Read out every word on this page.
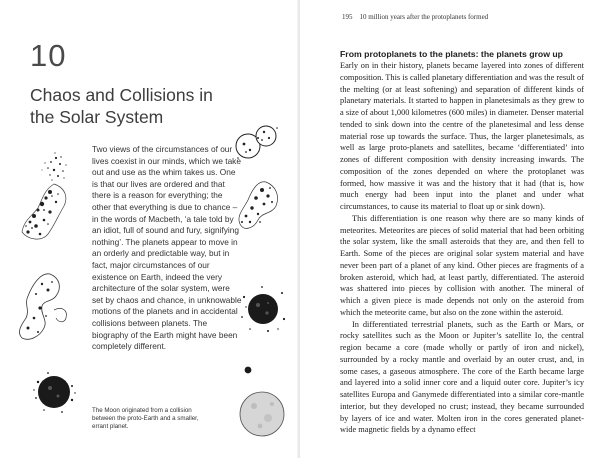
10
Chaos and Collisions in the Solar System
Two views of the circumstances of our lives coexist in our minds, which we take out and use as the whim takes us. One is that our lives are ordered and that there is a reason for everything; the other that everything is due to chance – in the words of Macbeth, ‘a tale told by an idiot, full of sound and fury, signifying nothing’. The planets appear to move in an orderly and predictable way, but in fact, major circumstances of our existence on Earth, indeed the very architecture of the solar system, were set by chaos and chance, in unknowable motions of the planets and in accidental collisions between planets. The biography of the Earth might have been completely different.
The Moon originated from a collision between the proto-Earth and a smaller, errant planet.
195 10 million years after the protoplanets formed
From protoplanets to the planets: the planets grow up

Early on in their history, planets became layered into zones of different composition. This is called planetary differentiation and was the result of the melting (or at least softening) and separation of different kinds of planetary materials. It started to happen in planetesimals as they grew to a size of about 1,000 kilometres (600 miles) in diameter. Denser material tended to sink down into the centre of the planetesimal and less dense material rose up towards the surface. Thus, the larger planetesimals, as well as large proto-planets and satellites, became ‘differentiated’ into zones of different composition with density increasing inwards. The composition of the zones depended on where the protoplanet was formed, how massive it was and the history that it had (that is, how much energy had been input into the planet and under what circumstances, to cause its material to float up or sink down).

This differentiation is one reason why there are so many kinds of meteorites. Meteorites are pieces of solid material that had been orbiting the solar system, like the small asteroids that they are, and then fell to Earth. Some of the pieces are original solar system material and have never been part of a planet of any kind. Other pieces are fragments of a broken asteroid, which had, at least partly, differentiated. The asteroid was shattered into pieces by collision with another. The mineral of which a given piece is made depends not only on the asteroid from which the meteorite came, but also on the zone within the asteroid.

In differentiated terrestrial planets, such as the Earth or Mars, or rocky satellites such as the Moon or Jupiter’s satellite Io, the central region became a core (made wholly or partly of iron and nickel), surrounded by a rocky mantle and overlaid by an outer crust, and, in some cases, a gaseous atmosphere. The core of the Earth became large and layered into a solid inner core and a liquid outer core. Jupiter’s icy satellites Europa and Ganymede differentiated into a similar core-mantle interior, but they developed no crust; instead, they became surrounded by layers of ice and water. Molten iron in the cores generated planet-wide magnetic fields by a dynamo effect
